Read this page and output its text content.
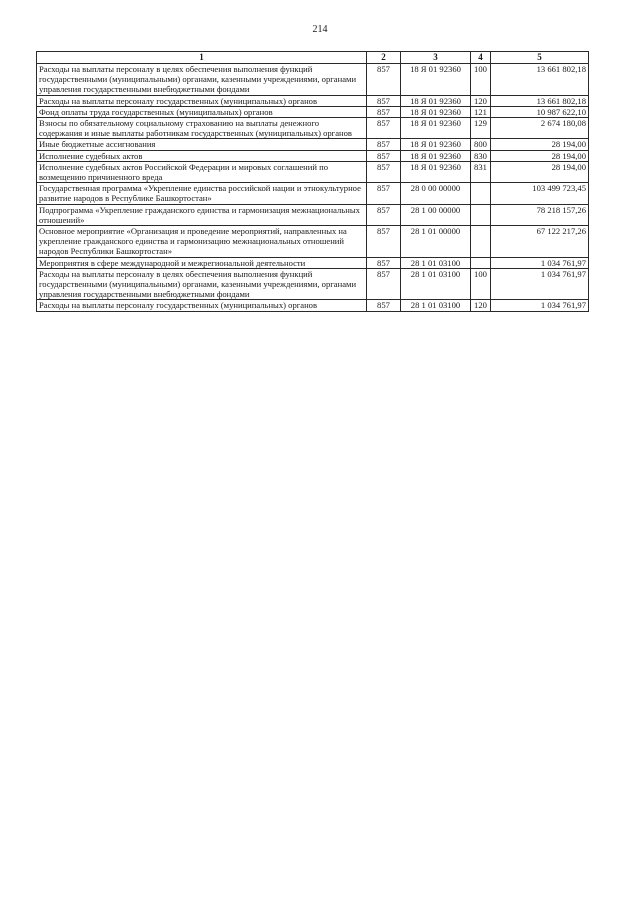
214
1	2	3	4	5
Расходы на выплаты персоналу в целях обеспечения выполнения функций государственными (муниципальными) органами, казенными учреждениями, органами управления государственными внебюджетными фондами	857	18 Я 01 92360	100	13 661 802,18
Расходы на выплаты персоналу государственных (муниципальных) органов	857	18 Я 01 92360	120	13 661 802,18
Фонд оплаты труда государственных (муниципальных) органов	857	18 Я 01 92360	121	10 987 622,10
Взносы по обязательному социальному страхованию на выплаты денежного содержания и иные выплаты работникам государственных (муниципальных) органов	857	18 Я 01 92360	129	2 674 180,08
Иные бюджетные ассигнования	857	18 Я 01 92360	800	28 194,00
Исполнение судебных актов	857	18 Я 01 92360	830	28 194,00
Исполнение судебных актов Российской Федерации и мировых соглашений по возмещению причиненного вреда	857	18 Я 01 92360	831	28 194,00
Государственная программа «Укрепление единства российской нации и этнокультурное развитие народов в Республике Башкортостан»	857	28 0 00 00000		103 499 723,45
Подпрограмма «Укрепление гражданского единства и гармонизация межнациональных отношений»	857	28 1 00 00000		78 218 157,26
Основное мероприятие «Организация и проведение мероприятий, направленных на укрепление гражданского единства и гармонизацию межнациональных отношений народов Республики Башкортостан»	857	28 1 01 00000		67 122 217,26
Мероприятия в сфере международной и межрегиональной деятельности	857	28 1 01 03100		1 034 761,97
Расходы на выплаты персоналу в целях обеспечения выполнения функций государственными (муниципальными) органами, казенными учреждениями, органами управления государственными внебюджетными фондами	857	28 1 01 03100	100	1 034 761,97
Расходы на выплаты персоналу государственных (муниципальных) органов	857	28 1 01 03100	120	1 034 761,97
